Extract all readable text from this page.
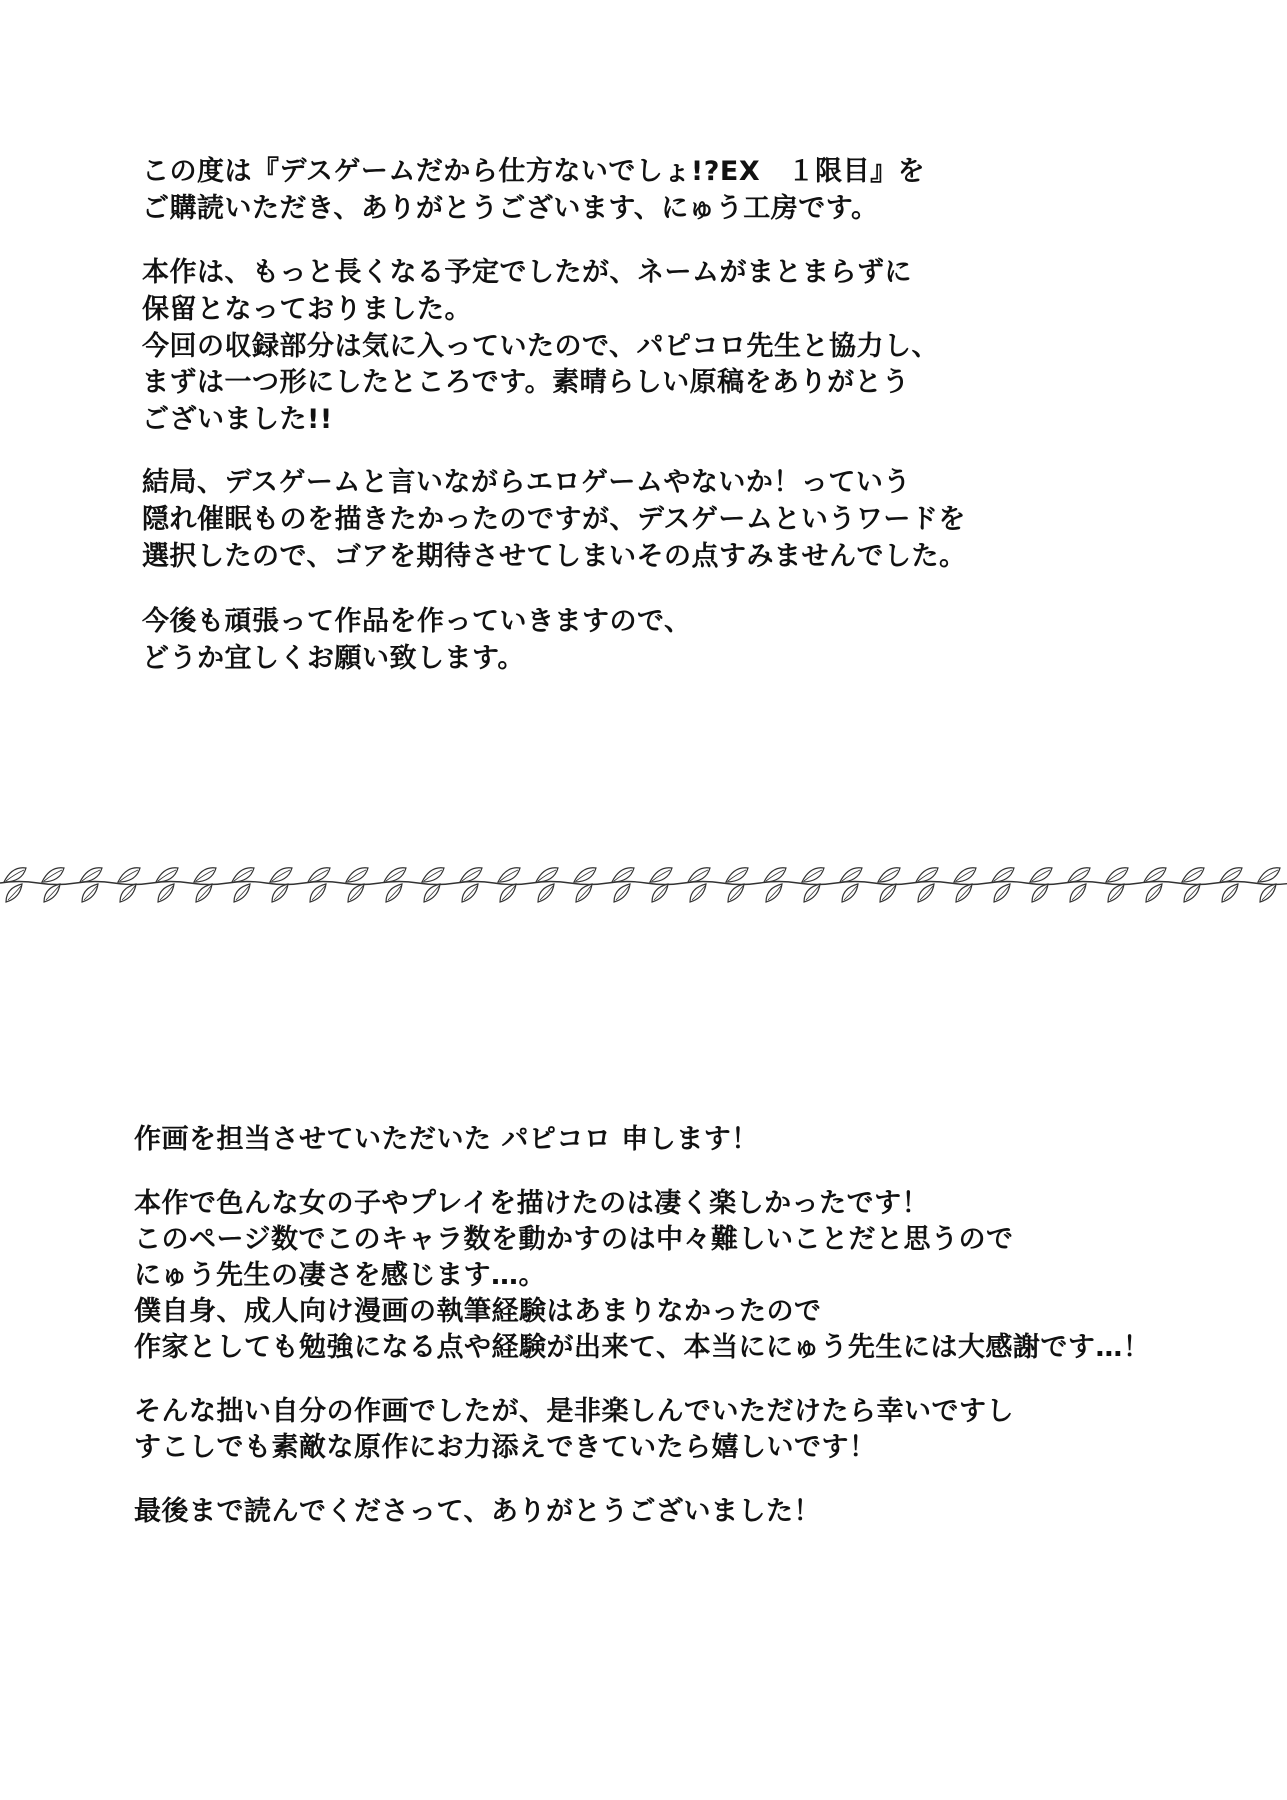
この度は『デスゲームだから仕方ないでしょ!?EX　１限目』を
ご購読いただき、ありがとうございます、にゅう工房です。
本作は、もっと長くなる予定でしたが、ネームがまとまらずに
保留となっておりました。
今回の収録部分は気に入っていたので、パピコロ先生と協力し、
まずは一つ形にしたところです。素晴らしい原稿をありがとう
ございました!!
結局、デスゲームと言いながらエロゲームやないか！っていう
隠れ催眠ものを描きたかったのですが、デスゲームというワードを
選択したので、ゴアを期待させてしまいその点すみませんでした。
今後も頑張って作品を作っていきますので、
どうか宜しくお願い致します。
作画を担当させていただいた パピコロ 申します！
本作で色んな女の子やプレイを描けたのは凄く楽しかったです！
このページ数でこのキャラ数を動かすのは中々難しいことだと思うので
にゅう先生の凄さを感じます…。
僕自身、成人向け漫画の執筆経験はあまりなかったので
作家としても勉強になる点や経験が出来て、本当ににゅう先生には大感謝です…！
そんな拙い自分の作画でしたが、是非楽しんでいただけたら幸いですし
すこしでも素敵な原作にお力添えできていたら嬉しいです！
最後まで読んでくださって、ありがとうございました！
